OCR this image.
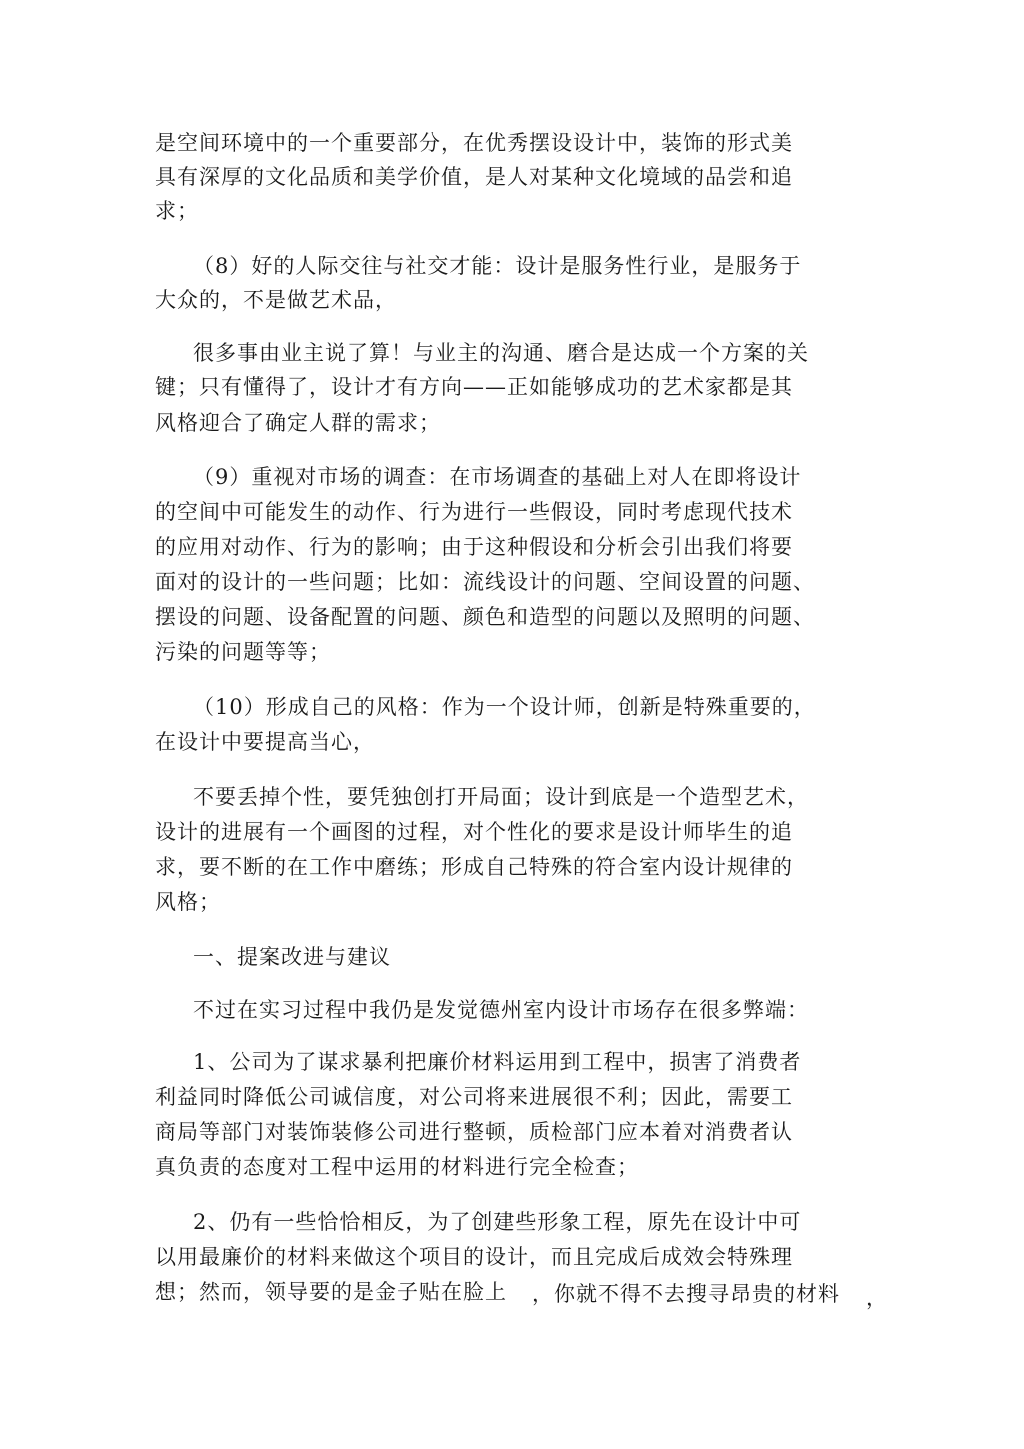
是空间环境中的一个重要部分，在优秀摆设设计中，装饰的形式美
具有深厚的文化品质和美学价值，是人对某种文化境域的品尝和追
求；
（8）好的人际交往与社交才能：设计是服务性行业，是服务于
大众的，不是做艺术品，
很多事由业主说了算！与业主的沟通、磨合是达成一个方案的关
键；只有懂得了，设计才有方向——正如能够成功的艺术家都是其
风格迎合了确定人群的需求；
（9）重视对市场的调查：在市场调查的基础上对人在即将设计
的空间中可能发生的动作、行为进行一些假设，同时考虑现代技术
的应用对动作、行为的影响；由于这种假设和分析会引出我们将要
面对的设计的一些问题；比如：流线设计的问题、空间设置的问题、
摆设的问题、设备配置的问题、颜色和造型的问题以及照明的问题、
污染的问题等等；
（10）形成自己的风格：作为一个设计师，创新是特殊重要的，
在设计中要提高当心，
不要丢掉个性，要凭独创打开局面；设计到底是一个造型艺术，
设计的进展有一个画图的过程，对个性化的要求是设计师毕生的追
求，要不断的在工作中磨练；形成自己特殊的符合室内设计规律的
风格；
一、提案改进与建议
不过在实习过程中我仍是发觉德州室内设计市场存在很多弊端：
1、公司为了谋求暴利把廉价材料运用到工程中，损害了消费者
利益同时降低公司诚信度，对公司将来进展很不利；因此，需要工
商局等部门对装饰装修公司进行整顿，质检部门应本着对消费者认
真负责的态度对工程中运用的材料进行完全检查；
2、仍有一些恰恰相反，为了创建些形象工程，原先在设计中可
以用最廉价的材料来做这个项目的设计，而且完成后成效会特殊理
想；然而，领导要的是金子贴在脸上 ，你就不得不去搜寻昂贵的材料 ，
